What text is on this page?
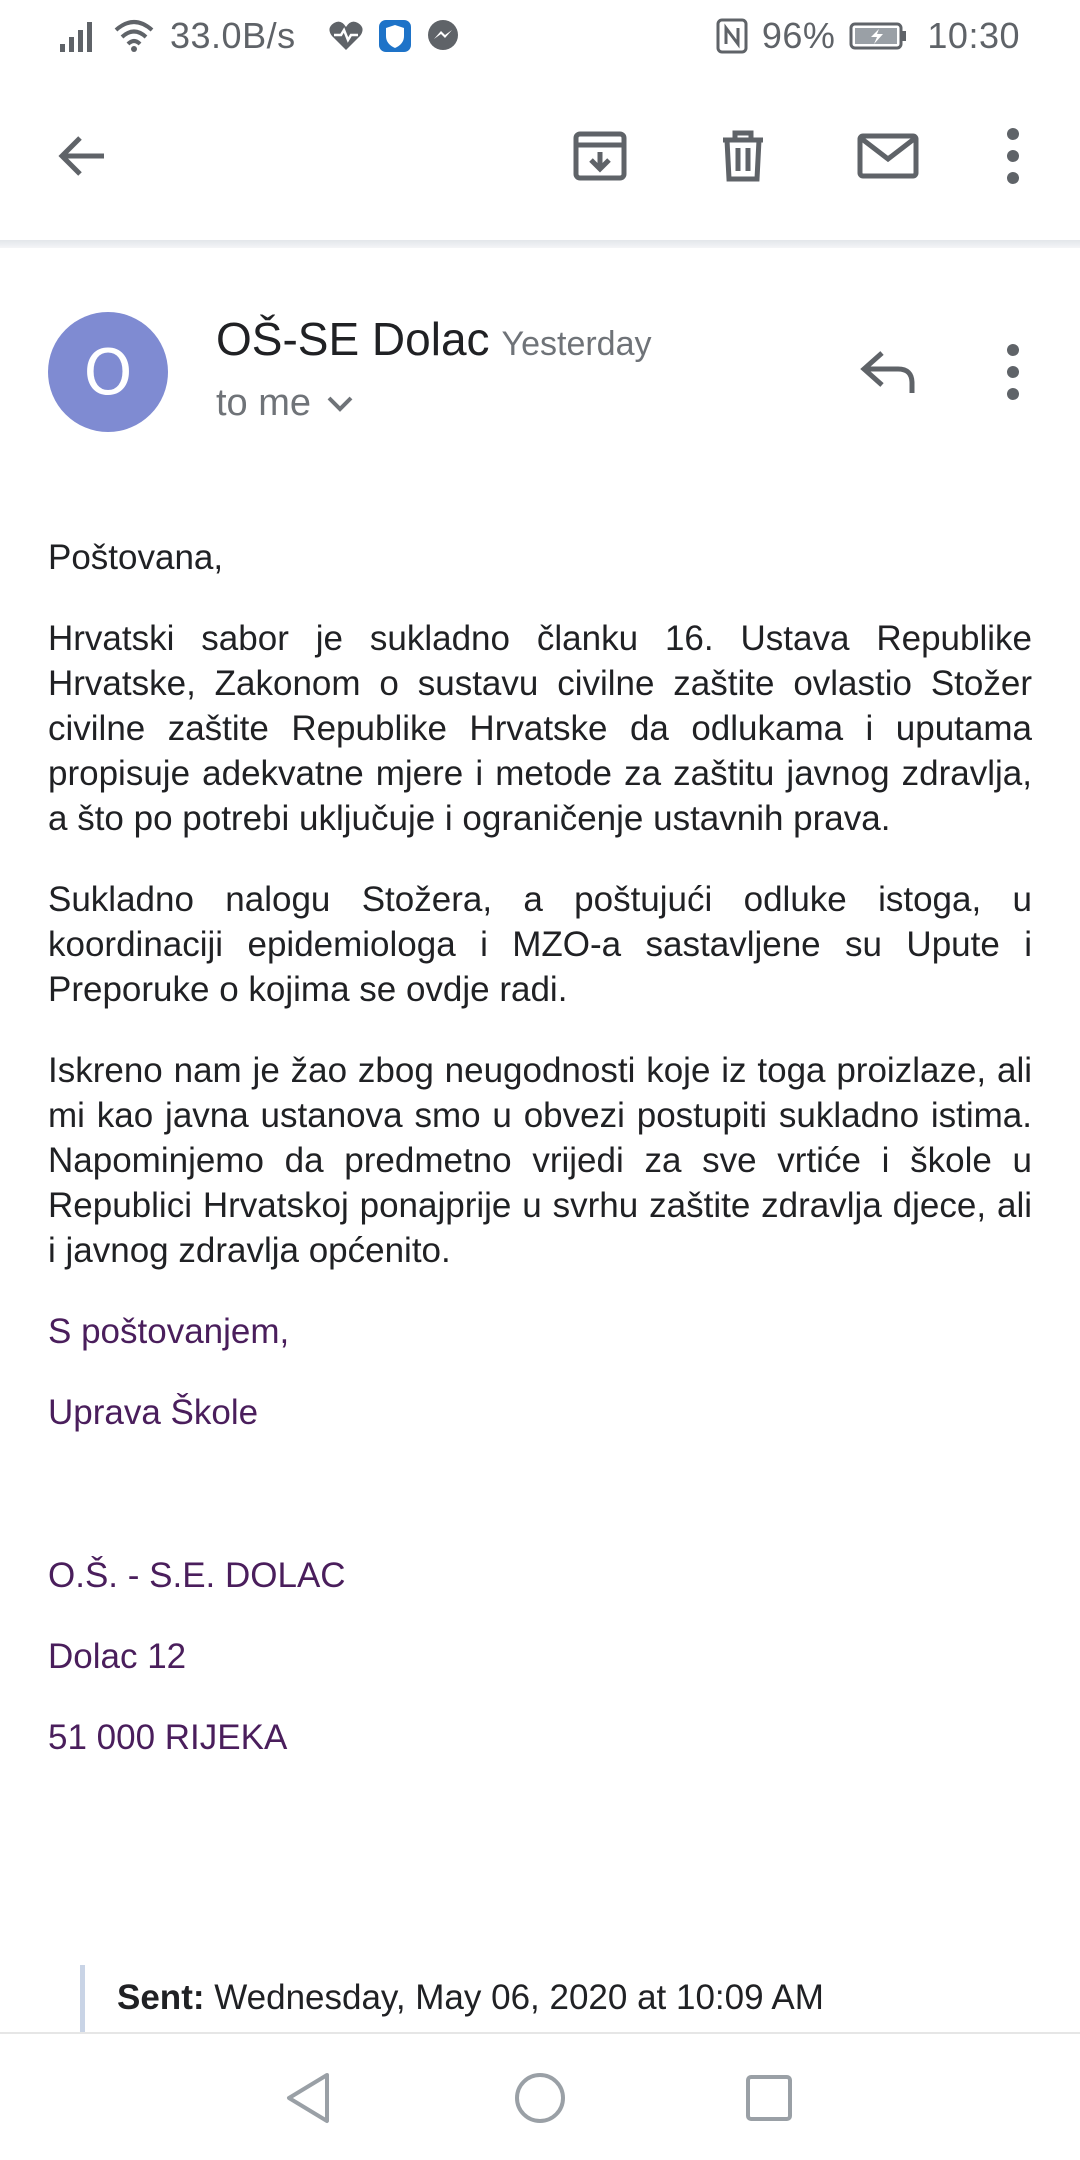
33.0B/s	96%	10:30
O OŠ-SE Dolac Yesterday
to me

Poštovana,

Hrvatski sabor je sukladno članku 16. Ustava Republike Hrvatske, Zakonom o sustavu civilne zaštite ovlastio Stožer civilne zaštite Republike Hrvatske da odlukama i uputama propisuje adekvatne mjere i metode za zaštitu javnog zdravlja, a što po potrebi uključuje i ograničenje ustavnih prava.

Sukladno nalogu Stožera, a poštujući odluke istoga, u koordinaciji epidemiologa i MZO-a sastavljene su Upute i Preporuke o kojima se ovdje radi.

Iskreno nam je žao zbog neugodnosti koje iz toga proizlaze, ali mi kao javna ustanova smo u obvezi postupiti sukladno istima. Napominjemo da predmetno vrijedi za sve vrtiće i škole u Republici Hrvatskoj ponajprije u svrhu zaštite zdravlja djece, ali i javnog zdravlja općenito.

S poštovanjem,
Uprava Škole
O.Š. - S.E. DOLAC
Dolac 12
51 000 RIJEKA
Sent: Wednesday, May 06, 2020 at 10:09 AM
